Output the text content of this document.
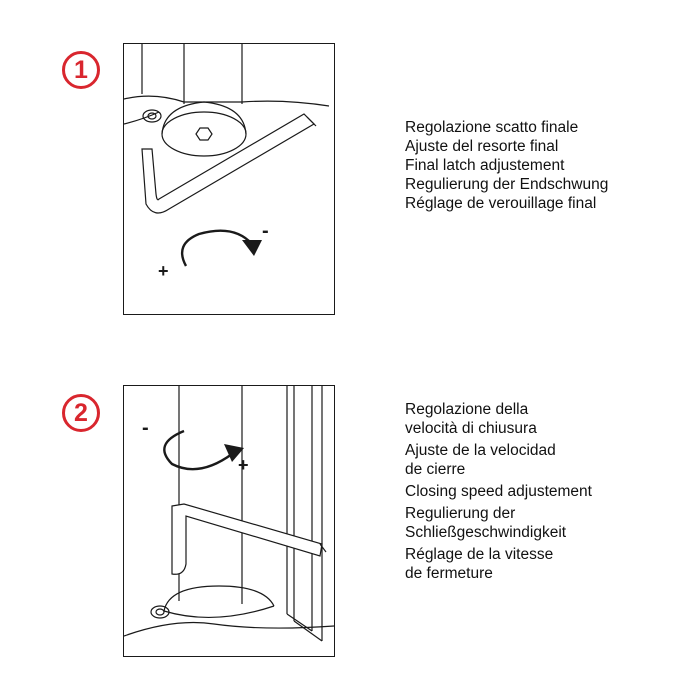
1
+
-
Regolazione scatto finale
Ajuste del resorte final
Final latch adjustement
Regulierung der Endschwung
Réglage de verouillage final
2
-
+
Regolazione della
velocità di chiusura
Ajuste de la velocidad
de cierre
Closing speed adjustement
Regulierung der
Schließgeschwindigkeit
Réglage de la vitesse
de fermeture
